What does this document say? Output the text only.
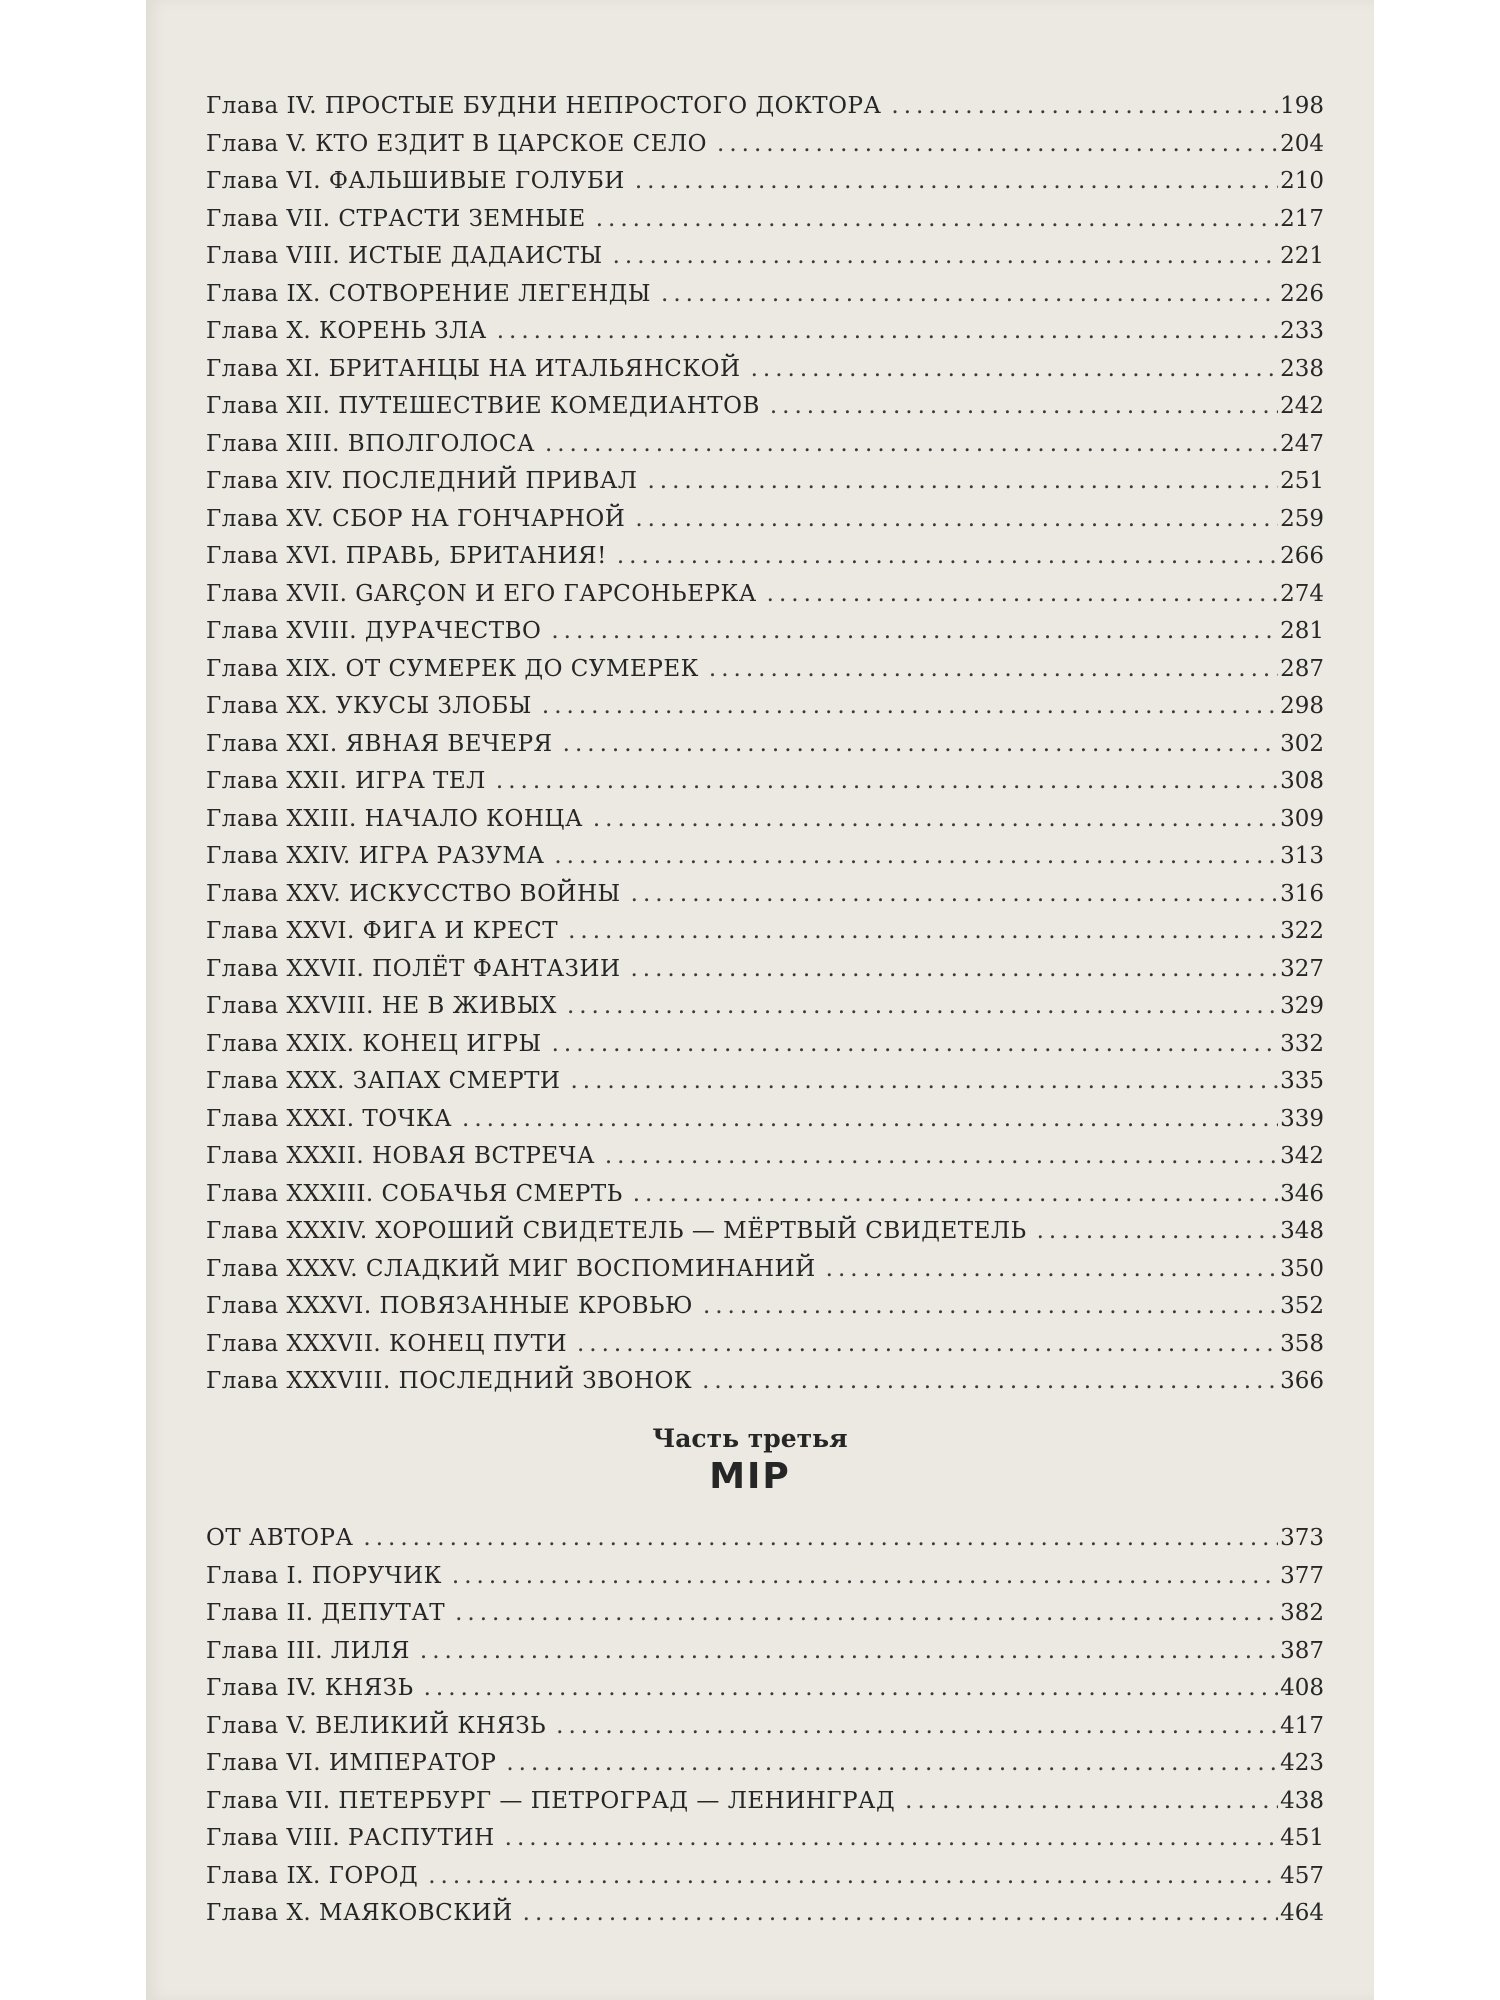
Глава IV. ПРОСТЫЕ БУДНИ НЕПРОСТОГО ДОКТОРА .....	198
Глава V. КТО ЕЗДИТ В ЦАРСКОЕ СЕЛО .....	204
Глава VI. ФАЛЬШИВЫЕ ГОЛУБИ .....	210
Глава VII. СТРАСТИ ЗЕМНЫЕ .....	217
Глава VIII. ИСТЫЕ ДАДАИСТЫ .....	221
Глава IX. СОТВОРЕНИЕ ЛЕГЕНДЫ .....	226
Глава X. КОРЕНЬ ЗЛА .....	233
Глава XI. БРИТАНЦЫ НА ИТАЛЬЯНСКОЙ .....	238
Глава XII. ПУТЕШЕСТВИЕ КОМЕДИАНТОВ .....	242
Глава XIII. ВПОЛГОЛОСА .....	247
Глава XIV. ПОСЛЕДНИЙ ПРИВАЛ .....	251
Глава XV. СБОР НА ГОНЧАРНОЙ .....	259
Глава XVI. ПРАВЬ, БРИТАНИЯ! .....	266
Глава XVII. GARÇON И ЕГО ГАРСОНЬЕРКА .....	274
Глава XVIII. ДУРАЧЕСТВО .....	281
Глава XIX. ОТ СУМЕРЕК ДО СУМЕРЕК .....	287
Глава XX. УКУСЫ ЗЛОБЫ .....	298
Глава XXI. ЯВНАЯ ВЕЧЕРЯ .....	302
Глава XXII. ИГРА ТЕЛ .....	308
Глава XXIII. НАЧАЛО КОНЦА .....	309
Глава XXIV. ИГРА РАЗУМА .....	313
Глава XXV. ИСКУССТВО ВОЙНЫ .....	316
Глава XXVI. ФИГА И КРЕСТ .....	322
Глава XXVII. ПОЛЁТ ФАНТАЗИИ .....	327
Глава XXVIII. НЕ В ЖИВЫХ .....	329
Глава XXIX. КОНЕЦ ИГРЫ .....	332
Глава XXX. ЗАПАХ СМЕРТИ .....	335
Глава XXXI. ТОЧКА .....	339
Глава XXXII. НОВАЯ ВСТРЕЧА .....	342
Глава XXXIII. СОБАЧЬЯ СМЕРТЬ .....	346
Глава XXXIV. ХОРОШИЙ СВИДЕТЕЛЬ — МЁРТВЫЙ СВИДЕТЕЛЬ .....	348
Глава XXXV. СЛАДКИЙ МИГ ВОСПОМИНАНИЙ .....	350
Глава XXXVI. ПОВЯЗАННЫЕ КРОВЬЮ .....	352
Глава XXXVII. КОНЕЦ ПУТИ .....	358
Глава XXXVIII. ПОСЛЕДНИЙ ЗВОНОК .....	366
Часть третья
MIP
ОТ АВТОРА .....	373
Глава I. ПОРУЧИК .....	377
Глава II. ДЕПУТАТ .....	382
Глава III. ЛИЛЯ .....	387
Глава IV. КНЯЗЬ .....	408
Глава V. ВЕЛИКИЙ КНЯЗЬ .....	417
Глава VI. ИМПЕРАТОР .....	423
Глава VII. ПЕТЕРБУРГ — ПЕТРОГРАД — ЛЕНИНГРАД .....	438
Глава VIII. РАСПУТИН .....	451
Глава IX. ГОРОД .....	457
Глава X. МАЯКОВСКИЙ .....	464
